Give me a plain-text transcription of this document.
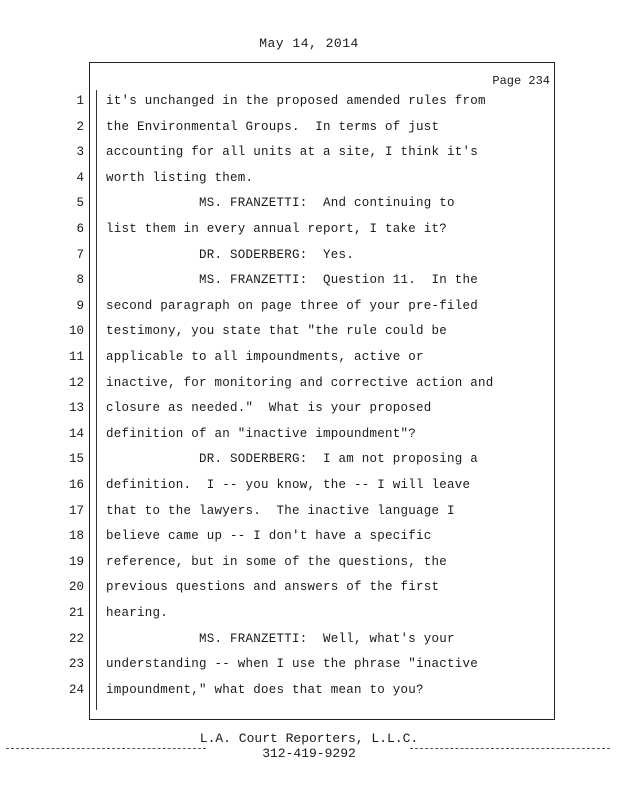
May 14, 2014
Page 234
1 it's unchanged in the proposed amended rules from
2 the Environmental Groups.  In terms of just
3 accounting for all units at a site, I think it's
4 worth listing them.
5 MS. FRANZETTI:  And continuing to
6 list them in every annual report, I take it?
7 DR. SODERBERG:  Yes.
8 MS. FRANZETTI:  Question 11.  In the
9 second paragraph on page three of your pre-filed
10 testimony, you state that "the rule could be
11 applicable to all impoundments, active or
12 inactive, for monitoring and corrective action and
13 closure as needed."  What is your proposed
14 definition of an "inactive impoundment"?
15 DR. SODERBERG:  I am not proposing a
16 definition.  I -- you know, the -- I will leave
17 that to the lawyers.  The inactive language I
18 believe came up -- I don't have a specific
19 reference, but in some of the questions, the
20 previous questions and answers of the first
21 hearing.
22 MS. FRANZETTI:  Well, what's your
23 understanding -- when I use the phrase "inactive
24 impoundment," what does that mean to you?
L.A. Court Reporters, L.L.C.
312-419-9292
